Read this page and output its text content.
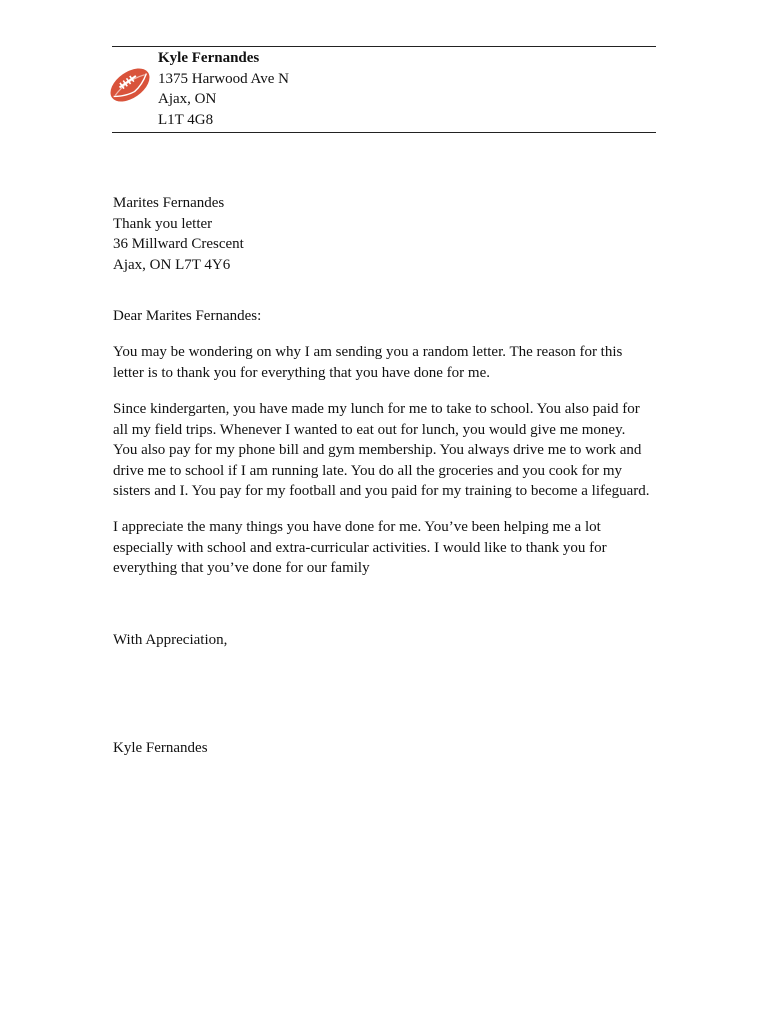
Kyle Fernandes
1375 Harwood Ave N
Ajax, ON
L1T 4G8
Marites Fernandes
Thank you letter
36 Millward Crescent
Ajax, ON L7T 4Y6
Dear Marites Fernandes:
You may be wondering on why I am sending you a random letter. The reason for this
letter is to thank you for everything that you have done for me.
Since kindergarten, you have made my lunch for me to take to school. You also paid for
all my field trips. Whenever I wanted to eat out for lunch, you would give me money.
You also pay for my phone bill and gym membership. You always drive me to work and
drive me to school if I am running late. You do all the groceries and you cook for my
sisters and I. You pay for my football and you paid for my training to become a lifeguard.
I appreciate the many things you have done for me. You’ve been helping me a lot
especially with school and extra-curricular activities. I would like to thank you for
everything that you’ve done for our family
With Appreciation,
Kyle Fernandes
